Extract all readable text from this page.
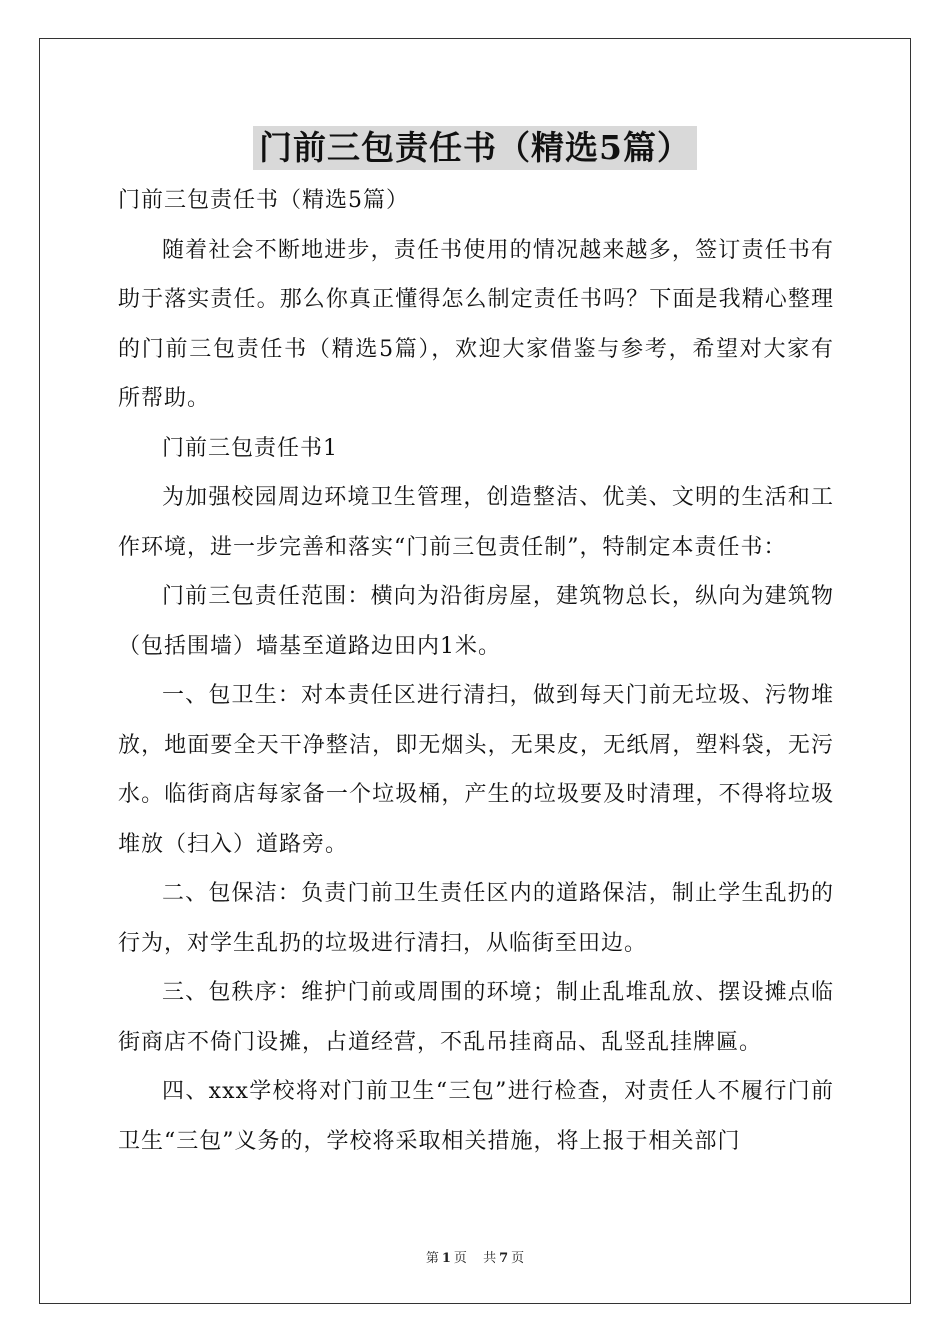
门前三包责任书（精选5篇）

门前三包责任书（精选5篇）

随着社会不断地进步，责任书使用的情况越来越多，签订责任书有助于落实责任。那么你真正懂得怎么制定责任书吗？下面是我精心整理的门前三包责任书（精选5篇），欢迎大家借鉴与参考，希望对大家有所帮助。

门前三包责任书1

为加强校园周边环境卫生管理，创造整洁、优美、文明的生活和工作环境，进一步完善和落实“门前三包责任制”，特制定本责任书：

门前三包责任范围：横向为沿街房屋，建筑物总长，纵向为建筑物（包括围墙）墙基至道路边田内1米。

一、包卫生：对本责任区进行清扫，做到每天门前无垃圾、污物堆放，地面要全天干净整洁，即无烟头，无果皮，无纸屑，塑料袋，无污水。临街商店每家备一个垃圾桶，产生的垃圾要及时清理，不得将垃圾堆放（扫入）道路旁。

二、包保洁：负责门前卫生责任区内的道路保洁，制止学生乱扔的行为，对学生乱扔的垃圾进行清扫，从临街至田边。

三、包秩序：维护门前或周围的环境；制止乱堆乱放、摆设摊点临街商店不倚门设摊，占道经营，不乱吊挂商品、乱竖乱挂牌匾。

四、xxx学校将对门前卫生“三包”进行检查，对责任人不履行门前卫生“三包”义务的，学校将采取相关措施，将上报于相关部门

第 1 页 共 7 页
